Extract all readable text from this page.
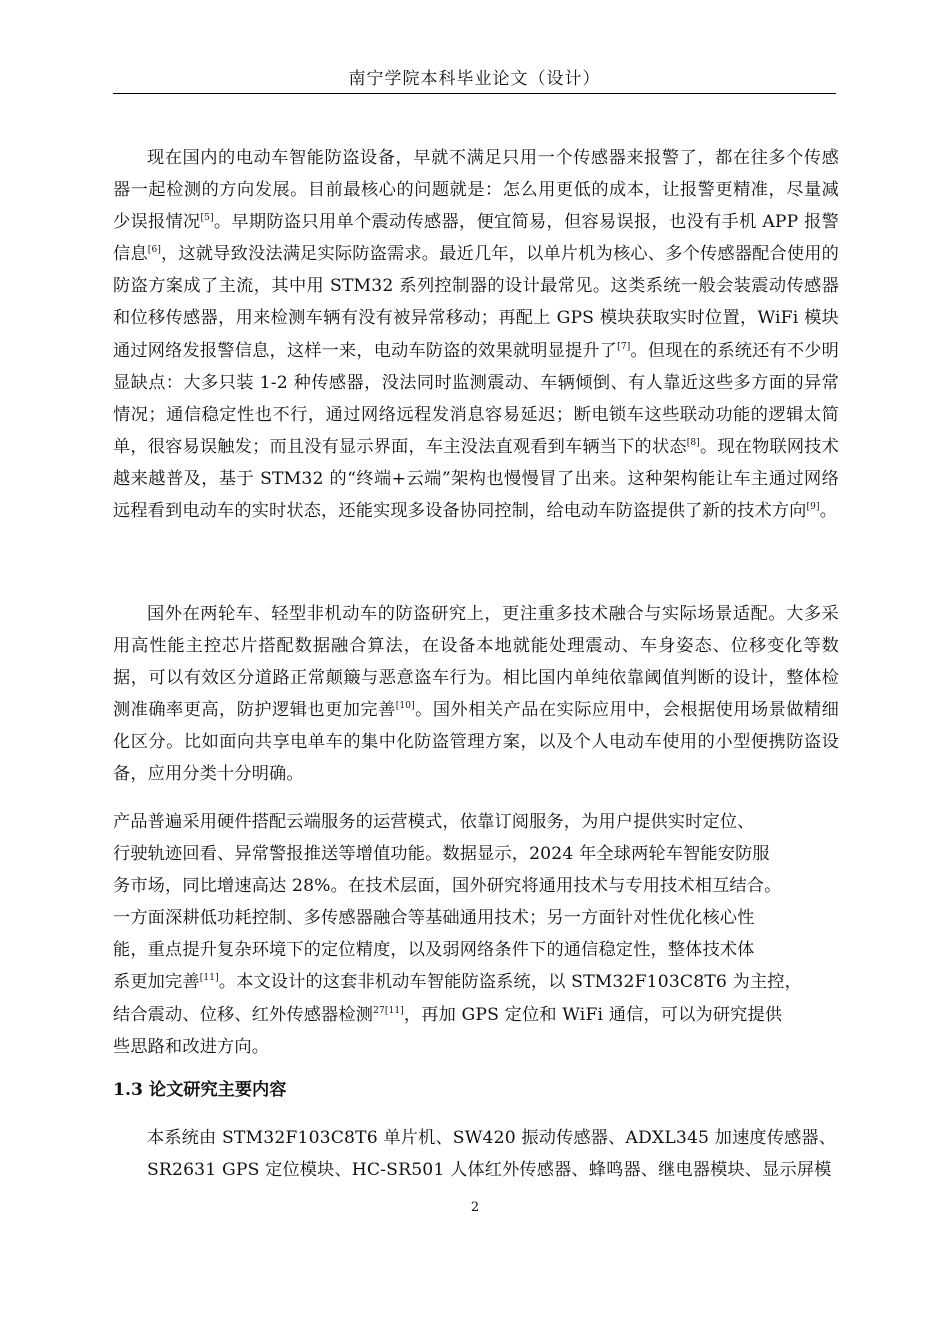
南宁学院本科毕业论文（设计）

现在国内的电动车智能防盗设备，早就不满足只用一个传感器来报警了，都在往多个传感器一起检测的方向发展。目前最核心的问题就是：怎么用更低的成本，让报警更精准，尽量减少误报情况[5]。早期防盗只用单个震动传感器，便宜简易，但容易误报，也没有手机 APP 报警信息[6]，这就导致没法满足实际防盗需求。最近几年，以单片机为核心、多个传感器配合使用的防盗方案成了主流，其中用 STM32 系列控制器的设计最常见。这类系统一般会装震动传感器和位移传感器，用来检测车辆有没有被异常移动；再配上 GPS 模块获取实时位置，WiFi 模块通过网络发报警信息，这样一来，电动车防盗的效果就明显提升了[7]。但现在的系统还有不少明显缺点：大多只装 1-2 种传感器，没法同时监测震动、车辆倾倒、有人靠近这些多方面的异常情况；通信稳定性也不行，通过网络远程发消息容易延迟；断电锁车这些联动功能的逻辑太简单，很容易误触发；而且没有显示界面，车主没法直观看到车辆当下的状态[8]。现在物联网技术越来越普及，基于 STM32 的“终端+云端”架构也慢慢冒了出来。这种架构能让车主通过网络远程看到电动车的实时状态，还能实现多设备协同控制，给电动车防盗提供了新的技术方向[9]。

国外在两轮车、轻型非机动车的防盗研究上，更注重多技术融合与实际场景适配。大多采用高性能主控芯片搭配数据融合算法，在设备本地就能处理震动、车身姿态、位移变化等数据，可以有效区分道路正常颠簸与恶意盗车行为。相比国内单纯依靠阈值判断的设计，整体检测准确率更高，防护逻辑也更加完善[10]。国外相关产品在实际应用中，会根据使用场景做精细化区分。比如面向共享电单车的集中化防盗管理方案，以及个人电动车使用的小型便携防盗设备，应用分类十分明确。

产品普遍采用硬件搭配云端服务的运营模式，依靠订阅服务，为用户提供实时定位、
行驶轨迹回看、异常警报推送等增值功能。数据显示，2024 年全球两轮车智能安防服
务市场，同比增速高达 28%。在技术层面，国外研究将通用技术与专用技术相互结合。
一方面深耕低功耗控制、多传感器融合等基础通用技术；另一方面针对性优化核心性
能，重点提升复杂环境下的定位精度，以及弱网络条件下的通信稳定性，整体技术体
系更加完善[11]。本文设计的这套非机动车智能防盗系统，以 STM32F103C8T6 为主控，
结合震动、位移、红外传感器检测$^{27[11]}$，再加 GPS 定位和 WiFi 通信，可以为研究提供
些思路和改进方向。

1.3 论文研究主要内容

本系统由 STM32F103C8T6 单片机、SW420 振动传感器、ADXL345 加速度传感器、
SR2631 GPS 定位模块、HC-SR501 人体红外传感器、蜂鸣器、继电器模块、显示屏模

2
